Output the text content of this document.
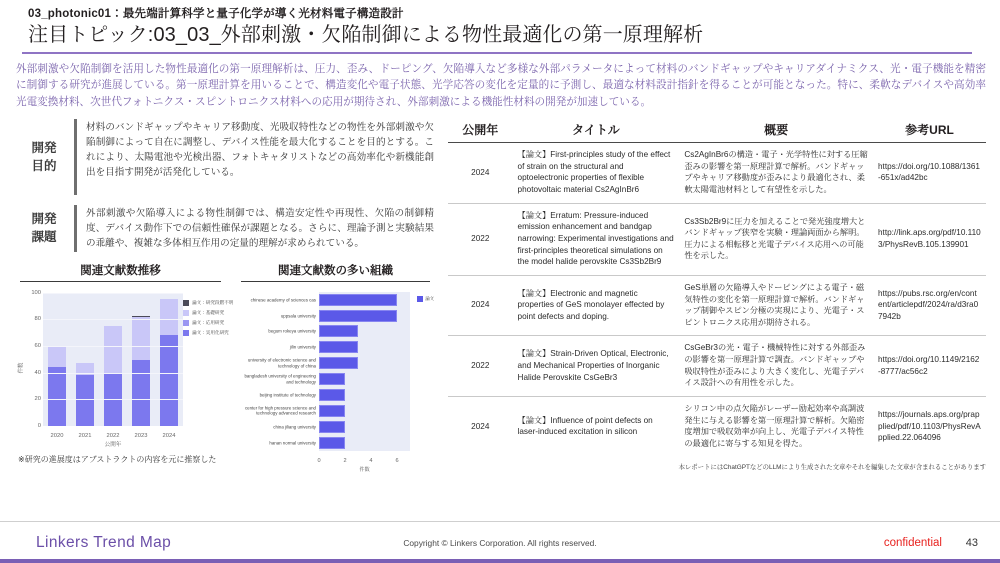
03_photonic01：最先端計算科学と量子化学が導く光材料電子構造設計
注目トピック:03_03_外部刺激・欠陥制御による物性最適化の第一原理解析
外部刺激や欠陥制御を活用した物性最適化の第一原理解析は、圧力、歪み、ドーピング、欠陥導入など多様な外部パラメータによって材料のバンドギャップやキャリアダイナミクス、光・電子機能を精密に制御する研究が進展している。第一原理計算を用いることで、構造変化や電子状態、光学応答の変化を定量的に予測し、最適な材料設計指針を得ることが可能となった。特に、柔軟なデバイスや高効率光電変換材料、次世代フォトニクス・スピントロニクス材料への応用が期待され、外部刺激による機能性材料の開発が加速している。
開発
目的
材料のバンドギャップやキャリア移動度、光吸収特性などの物性を外部刺激や欠陥制御によって自在に調整し、デバイス性能を最大化することを目的とする。これにより、太陽電池や光検出器、フォトキャタリストなどの高効率化や新機能創出を目指す開発が活発化している。
開発
課題
外部刺激や欠陥導入による物性制御では、構造安定性や再現性、欠陥の制御精度、デバイス動作下での信頼性確保が課題となる。さらに、理論予測と実験結果の乖離や、複雑な多体相互作用の定量的理解が求められている。
関連文献数推移
件数
0
20
40
60
80
100
2020	2021	2022	2023	2024
公開年
論文：研究段階不明
論文：基礎研究
論文：応用研究
論文：実用化研究
※研究の進展度はアブストラクトの内容を元に推察した
関連文献数の多い組織
chinese academy of sciences cas
uppsala university
begum rokeya university
jilin university
university of electronic science and technology of china
bangladesh university of engineering and technology
beijing institute of technology
center for high pressure science and technology advanced research
china jiliang university
hanan normal university
0	2	4	6
件数
論文
公開年	タイトル	概要	参考URL
2024	【論文】First-principles study of the effect of strain on the structural and optoelectronic properties of flexible photovoltaic material Cs2AgInBr6	Cs2AgInBr6の構造・電子・光学特性に対する圧縮歪みの影響を第一原理計算で解析。バンドギャップやキャリア移動度が歪みにより最適化され、柔軟太陽電池材料として有望性を示した。	https://doi.org/10.1088/1361-651x/ad42bc
2022	【論文】Erratum: Pressure-induced emission enhancement and bandgap narrowing: Experimental investigations and first-principles theoretical simulations on the model halide perovskite Cs3Sb2Br9	Cs3Sb2Br9に圧力を加えることで発光強度増大とバンドギャップ狭窄を実験・理論両面から解明。圧力による相転移と光電子デバイス応用への可能性を示した。	http://link.aps.org/pdf/10.1103/PhysRevB.105.139901
2024	【論文】Electronic and magnetic properties of GeS monolayer effected by point defects and doping.	GeS単層の欠陥導入やドーピングによる電子・磁気特性の変化を第一原理計算で解析。バンドギャップ制御やスピン分極の実現により、光電子・スピントロニクス応用が期待される。	https://pubs.rsc.org/en/content/articlepdf/2024/ra/d3ra07942b
2022	【論文】Strain-Driven Optical, Electronic, and Mechanical Properties of Inorganic Halide Perovskite CsGeBr3	CsGeBr3の光・電子・機械特性に対する外部歪みの影響を第一原理計算で調査。バンドギャップや吸収特性が歪みにより大きく変化し、光電子デバイス設計への有用性を示した。	https://doi.org/10.1149/2162-8777/ac56c2
2024	【論文】Influence of point defects on laser-induced excitation in silicon	シリコン中の点欠陥がレーザー励起効率や高調波発生に与える影響を第一原理計算で解析。欠陥密度増加で吸収効率が向上し、光電子デバイス特性の最適化に寄与する知見を得た。	https://journals.aps.org/prapplied/pdf/10.1103/PhysRevApplied.22.064096
本レポートにはChatGPTなどのLLMにより生成された文章やそれを編集した文章が含まれることがあります
Linkers Trend Map	Copyright © Linkers Corporation. All rights reserved.	confidential 43
